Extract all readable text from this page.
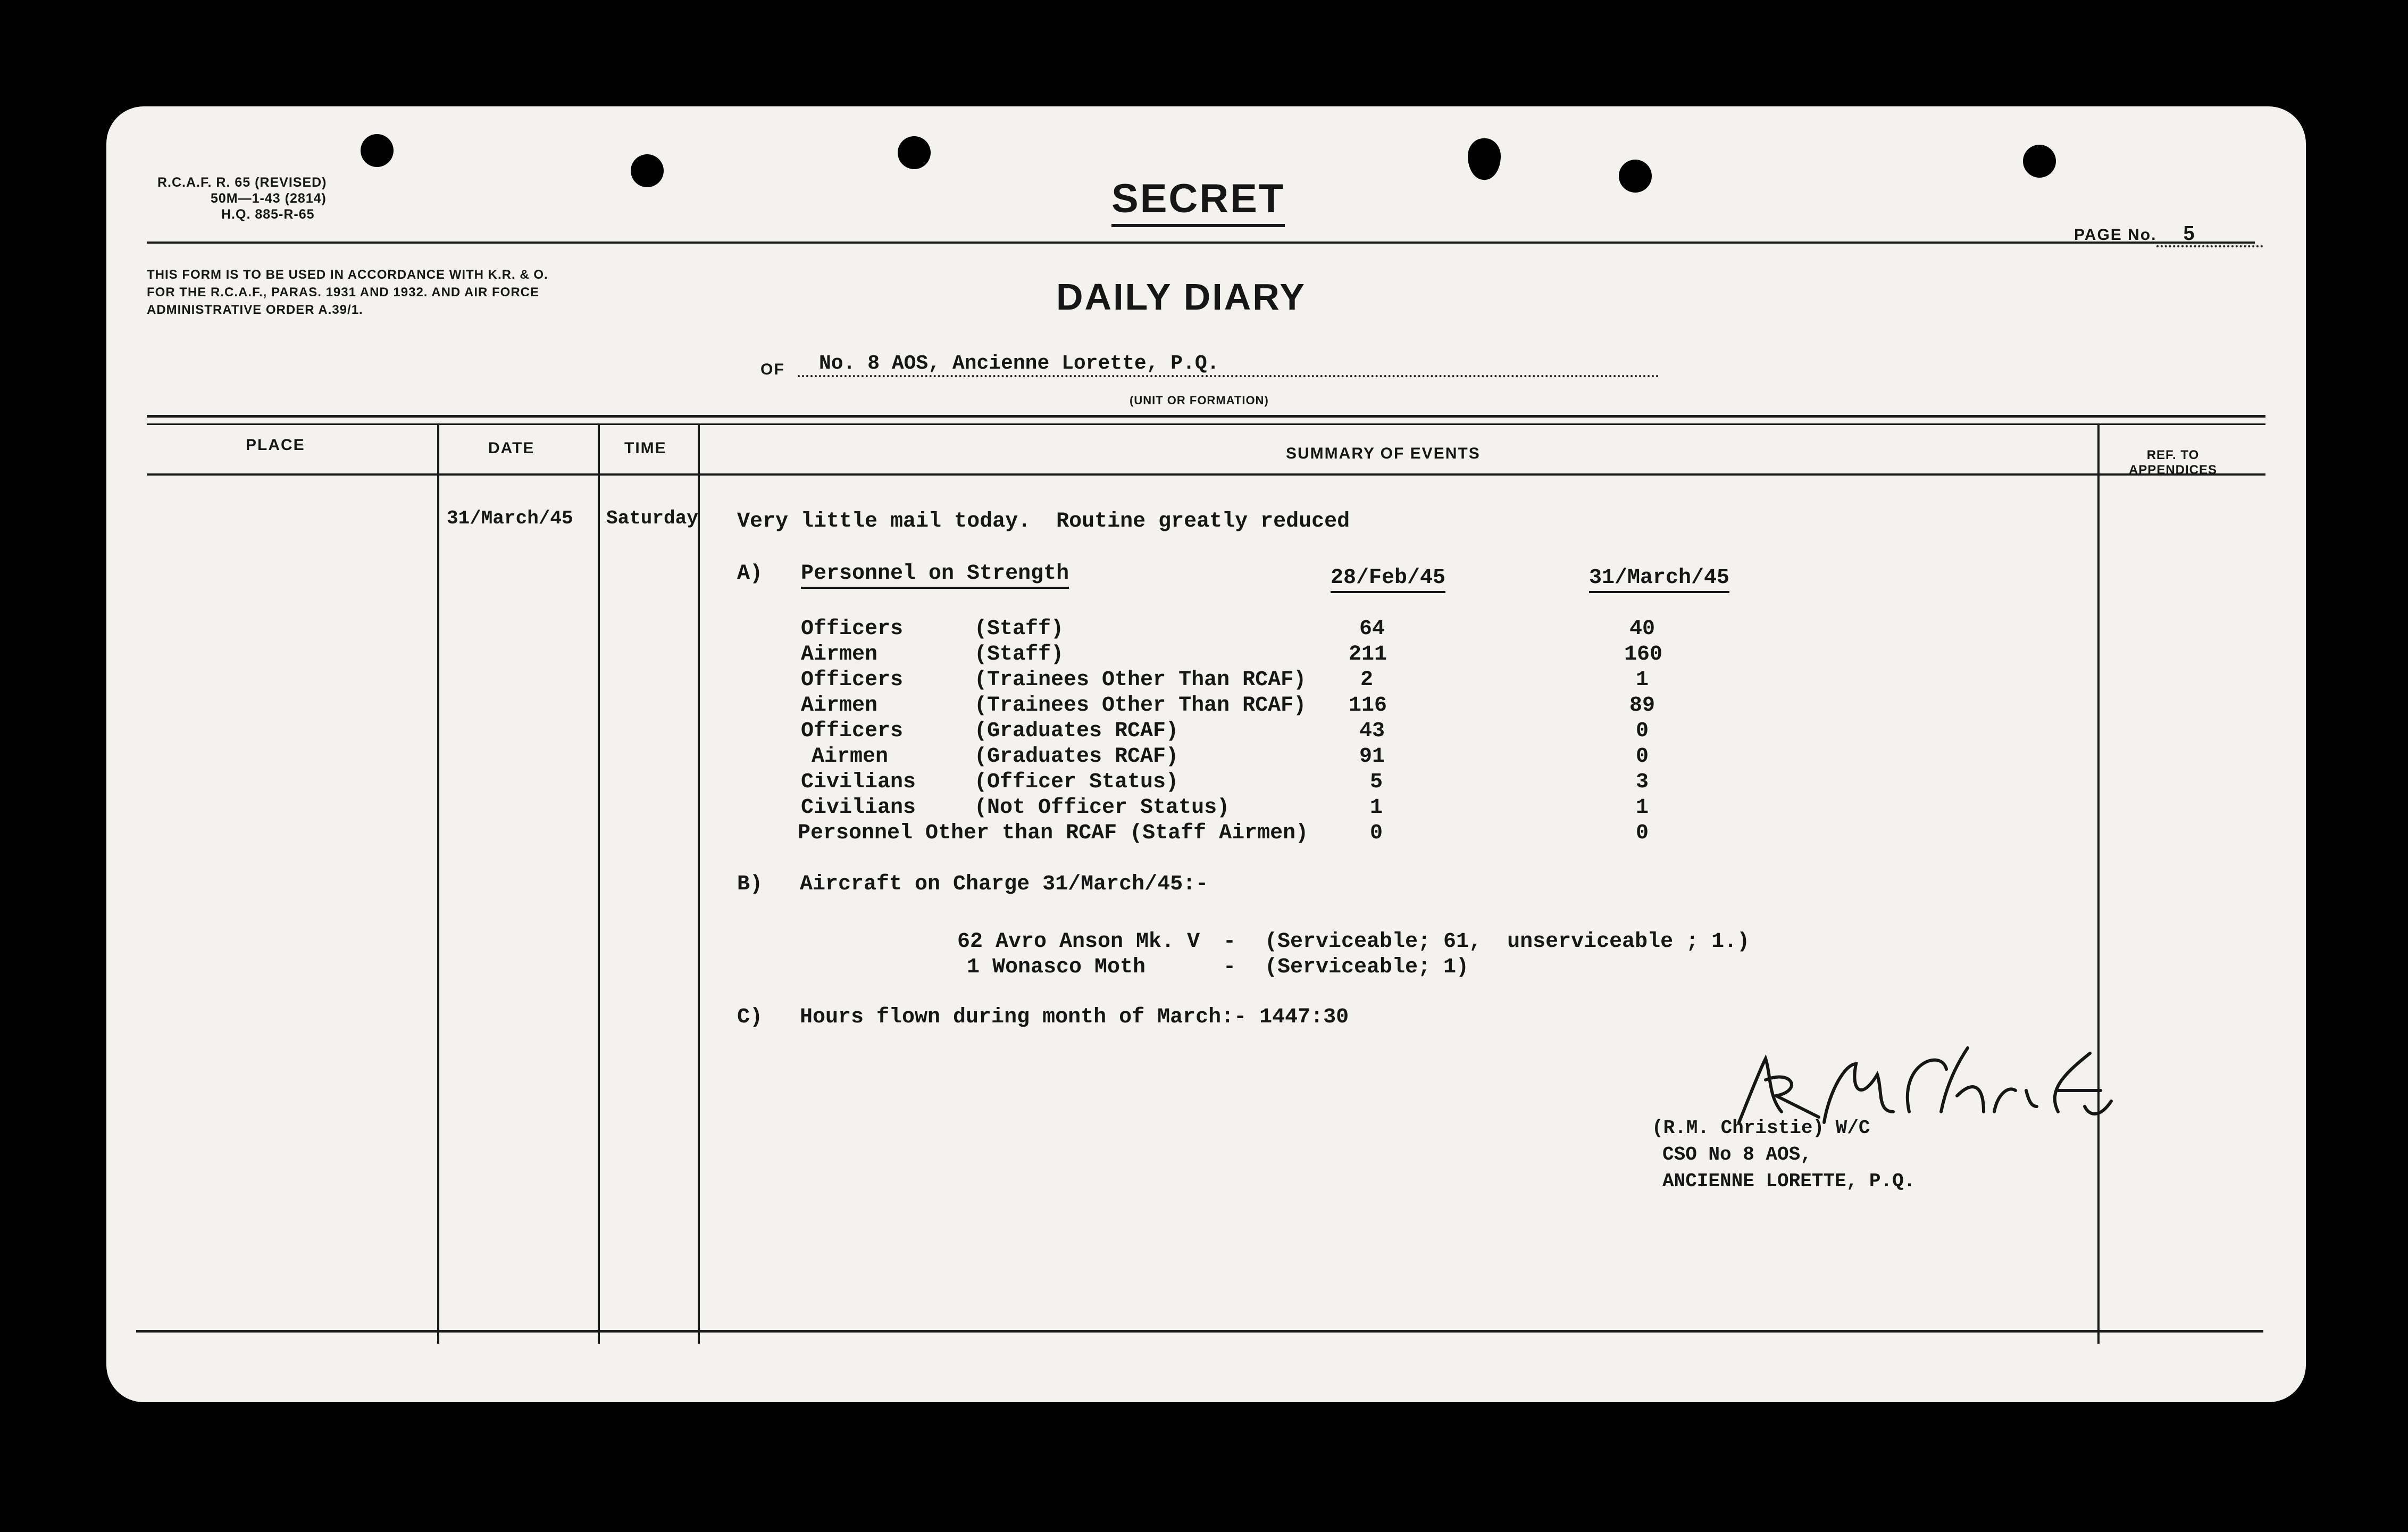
R.C.A.F. R. 65 (REVISED)
50M—1-43 (2814)
H.Q. 885-R-65	SECRET
PAGE No. 5
THIS FORM IS TO BE USED IN ACCORDANCE WITH K.R. & O. FOR THE R.C.A.F., PARAS. 1931 AND 1932. AND AIR FORCE ADMINISTRATIVE ORDER A.39/1.	DAILY DIARY
OF	No. 8 AOS, Ancienne Lorette, P.Q.
(UNIT OR FORMATION)
PLACE	DATE	TIME	SUMMARY OF EVENTS	REF. TO APPENDICES
31/March/45 Saturday Very little mail today.  Routine greatly reduced
A) Personnel on Strength	28/Feb/45	31/March/45
Officers	(Staff)	64	40
Airmen	(Staff)	211	160
Officers	(Trainees Other Than RCAF)	2	1
Airmen	(Trainees Other Than RCAF) 116	89
Officers	(Graduates RCAF)	43	0
Airmen	(Graduates RCAF)	91	0
Civilians	(Officer Status)	5	3
Civilians	(Not Officer Status)	1	1
Personnel Other than RCAF (Staff Airmen)	0	0
B) Aircraft on Charge 31/March/45:-
62 Avro Anson Mk. V - (Serviceable; 61,  unserviceable ; 1.)
1 Wonasco Moth	- (Serviceable; 1)
C) Hours flown during month of March:- 1447:30
(R.M. Christie) W/C
CSO No 8 AOS,
ANCIENNE LORETTE, P.Q.
